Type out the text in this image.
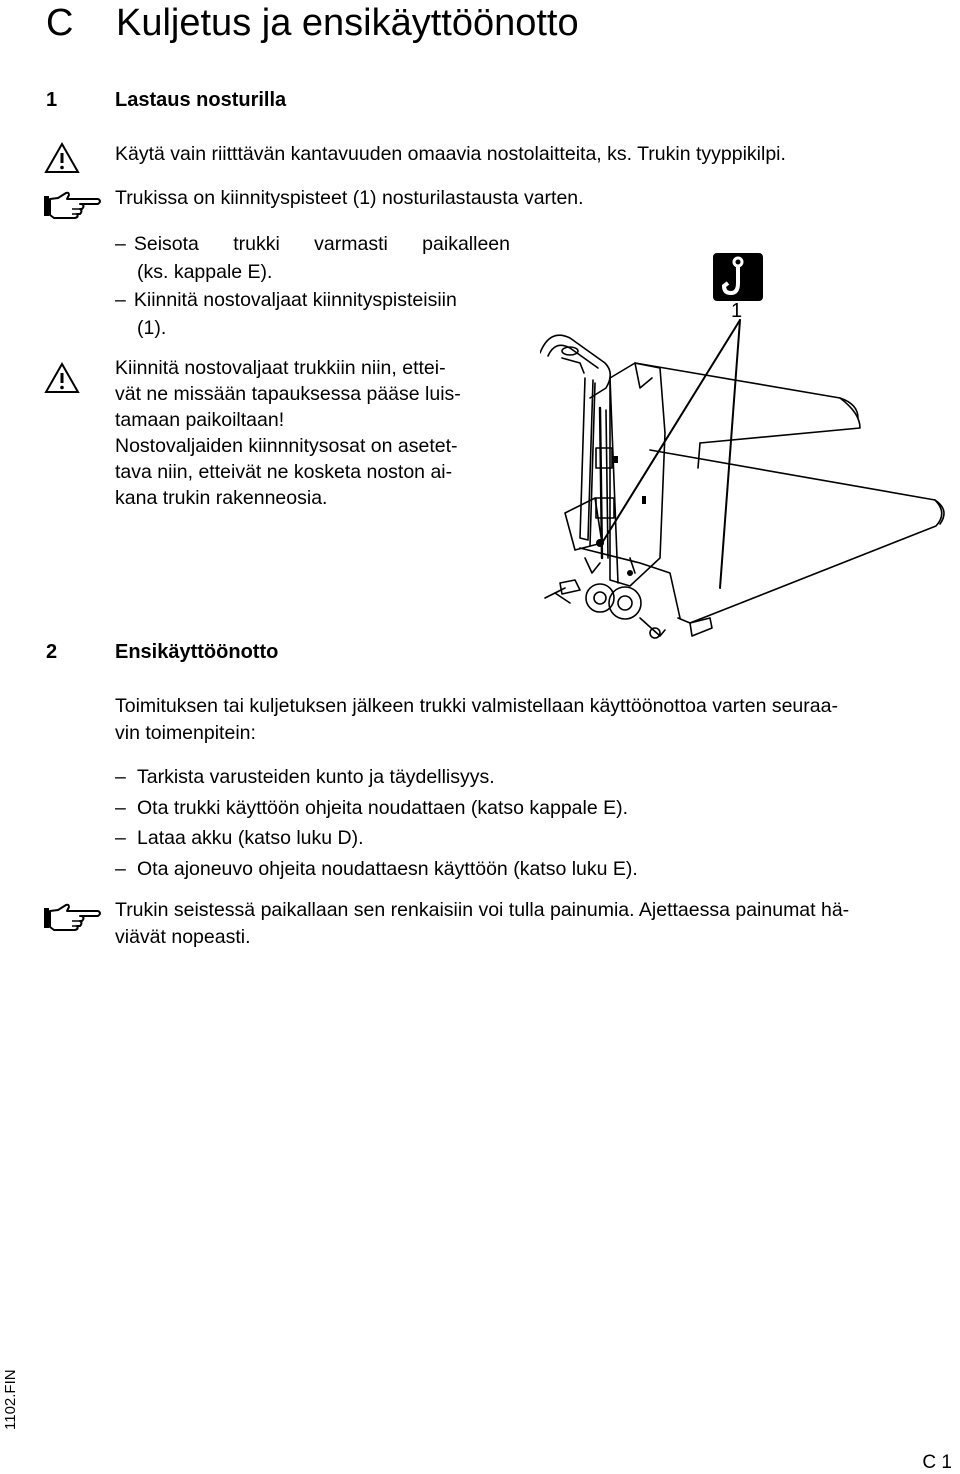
C Kuljetus ja ensikäyttöönotto
1	Lastaus nosturilla
Käytä vain riitttävän kantavuuden omaavia nostolaitteita, ks. Trukin tyyppikilpi.
Trukissa on kiinnityspisteet (1) nosturilastausta varten.
– Seisota trukki varmasti paikalleen
(ks. kappale E).
– Kiinnitä nostovaljaat kiinnityspisteisiin
(1).
Kiinnitä nostovaljaat trukkiin niin, ettei-
vät ne missään tapauksessa pääse luis-
tamaan paikoiltaan!
Nostovaljaiden kiinnnitysosat on asetet-
tava niin, etteivät ne kosketa noston ai-
kana trukin rakenneosia.
1
2	Ensikäyttöönotto
Toimituksen tai kuljetuksen jälkeen trukki valmistellaan käyttöönottoa varten seuraa-
vin toimenpitein:
– Tarkista varusteiden kunto ja täydellisyys.
– Ota trukki käyttöön ohjeita noudattaen (katso kappale E).
– Lataa akku (katso luku D).
– Ota ajoneuvo ohjeita noudattaesn käyttöön (katso luku E).
Trukin seistessä paikallaan sen renkaisiin voi tulla painumia. Ajettaessa painumat hä-
viävät nopeasti.
1102.FIN
C 1
